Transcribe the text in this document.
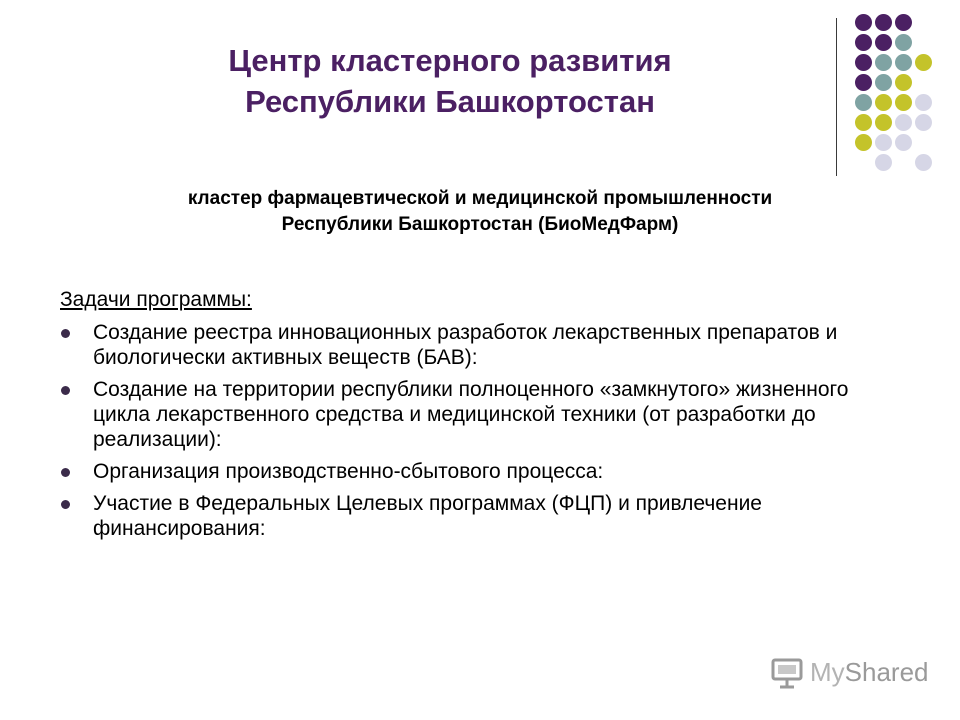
Центр кластерного развития
Республики Башкортостан

кластер фармацевтической и медицинской промышленности
Республики Башкортостан (БиоМедФарм)

Задачи программы:

Создание реестра инновационных разработок лекарственных препаратов и биологически активных веществ (БАВ):
Создание на территории республики полноценного «замкнутого» жизненного цикла лекарственного средства и медицинской техники (от разработки до реализации):
Организация производственно-сбытового процесса:
Участие в Федеральных Целевых программах (ФЦП) и привлечение финансирования:
MyShared
